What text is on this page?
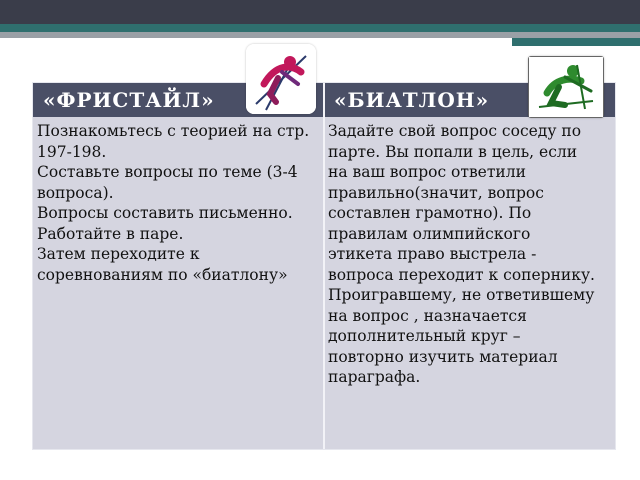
«ФРИСТАЙЛ»	«БИАТЛОН»

Познакомьтесь с теорией на стр. 197-198.

Составьте вопросы по теме (3-4 вопроса).

Вопросы составить письменно.

Работайте в паре.

Затем переходите к соревнованиям по «биатлону»

Задайте свой вопрос соседу по парте. Вы попали в цель, если на ваш вопрос ответили правильно(значит, вопрос составлен грамотно). По правилам олимпийского этикета право выстрела - вопроса переходит к сопернику. Проигравшему, не ответившему на вопрос , назначается дополнительный круг – повторно изучить материал параграфа.
